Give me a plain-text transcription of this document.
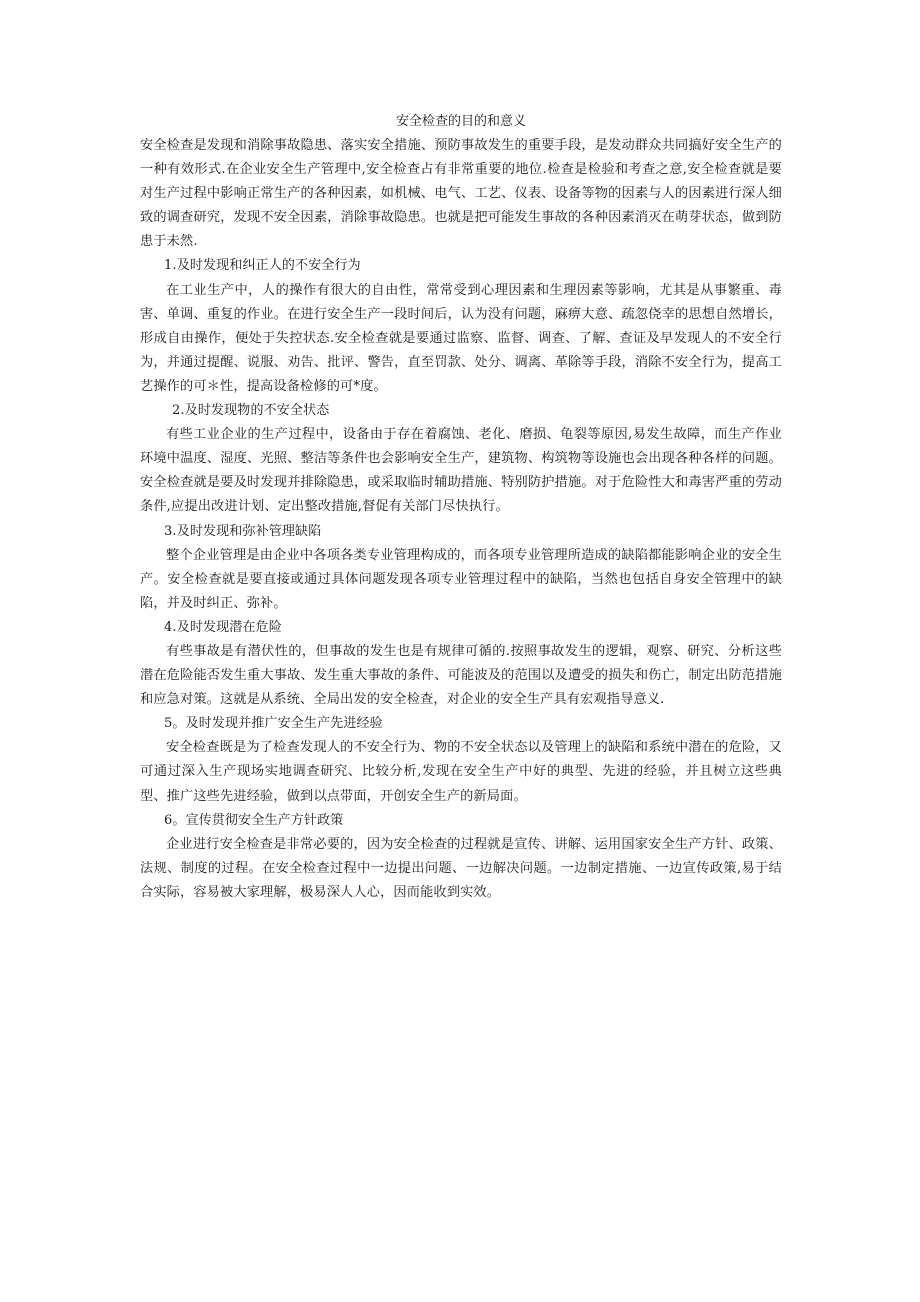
安全检查的目的和意义

安全检查是发现和消除事故隐患、落实安全措施、预防事故发生的重要手段，是发动群众共同搞好安全生产的一种有效形式.在企业安全生产管理中,安全检查占有非常重要的地位.检查是检验和考查之意,安全检查就是要对生产过程中影响正常生产的各种因素，如机械、电气、工艺、仪表、设备等物的因素与人的因素进行深人细致的调查研究，发现不安全因素，消除事故隐患。也就是把可能发生事故的各种因素消灭在萌芽状态，做到防患于未然.

1.及时发现和纠正人的不安全行为

在工业生产中，人的操作有很大的自由性，常常受到心理因素和生理因素等影响，尤其是从事繁重、毒害、单调、重复的作业。在进行安全生产一段时间后，认为没有问题，麻痹大意、疏忽侥幸的思想自然增长，形成自由操作，便处于失控状态.安全检查就是要通过监察、监督、调查、了解、查证及早发现人的不安全行为，并通过提醒、说服、劝告、批评、警告，直至罚款、处分、调离、革除等手段，消除不安全行为，提高工艺操作的可＊性，提高设备检修的可*度。

2.及时发现物的不安全状态

有些工业企业的生产过程中，设备由于存在着腐蚀、老化、磨损、龟裂等原因,易发生故障，而生产作业环境中温度、湿度、光照、整洁等条件也会影响安全生产，建筑物、构筑物等设施也会出现各种各样的问题。安全检查就是要及时发现并排除隐患，或采取临时辅助措施、特别防护措施。对于危险性大和毒害严重的劳动条件,应提出改进计划、定出整改措施,督促有关部门尽快执行。

3.及时发现和弥补管理缺陷

整个企业管理是由企业中各项各类专业管理构成的，而各项专业管理所造成的缺陷都能影响企业的安全生产。安全检查就是要直接或通过具体问题发现各项专业管理过程中的缺陷，当然也包括自身安全管理中的缺陷，并及时纠正、弥补。

4.及时发现潜在危险

有些事故是有潜伏性的，但事故的发生也是有规律可循的.按照事故发生的逻辑，观察、研究、分析这些潜在危险能否发生重大事故、发生重大事故的条件、可能波及的范围以及遭受的损失和伤亡，制定出防范措施和应急对策。这就是从系统、全局出发的安全检查，对企业的安全生产具有宏观指导意义.

5。及时发现并推广安全生产先进经验

安全检查既是为了检查发现人的不安全行为、物的不安全状态以及管理上的缺陷和系统中潜在的危险，又可通过深入生产现场实地调查研究、比较分析,发现在安全生产中好的典型、先进的经验，并且树立这些典型、推广这些先进经验，做到以点带面，开创安全生产的新局面。

6。宣传贯彻安全生产方针政策

企业进行安全检查是非常必要的，因为安全检查的过程就是宣传、讲解、运用国家安全生产方针、政策、法规、制度的过程。在安全检查过程中一边提出问题、一边解决问题。一边制定措施、一边宣传政策,易于结合实际，容易被大家理解，极易深人人心，因而能收到实效。
